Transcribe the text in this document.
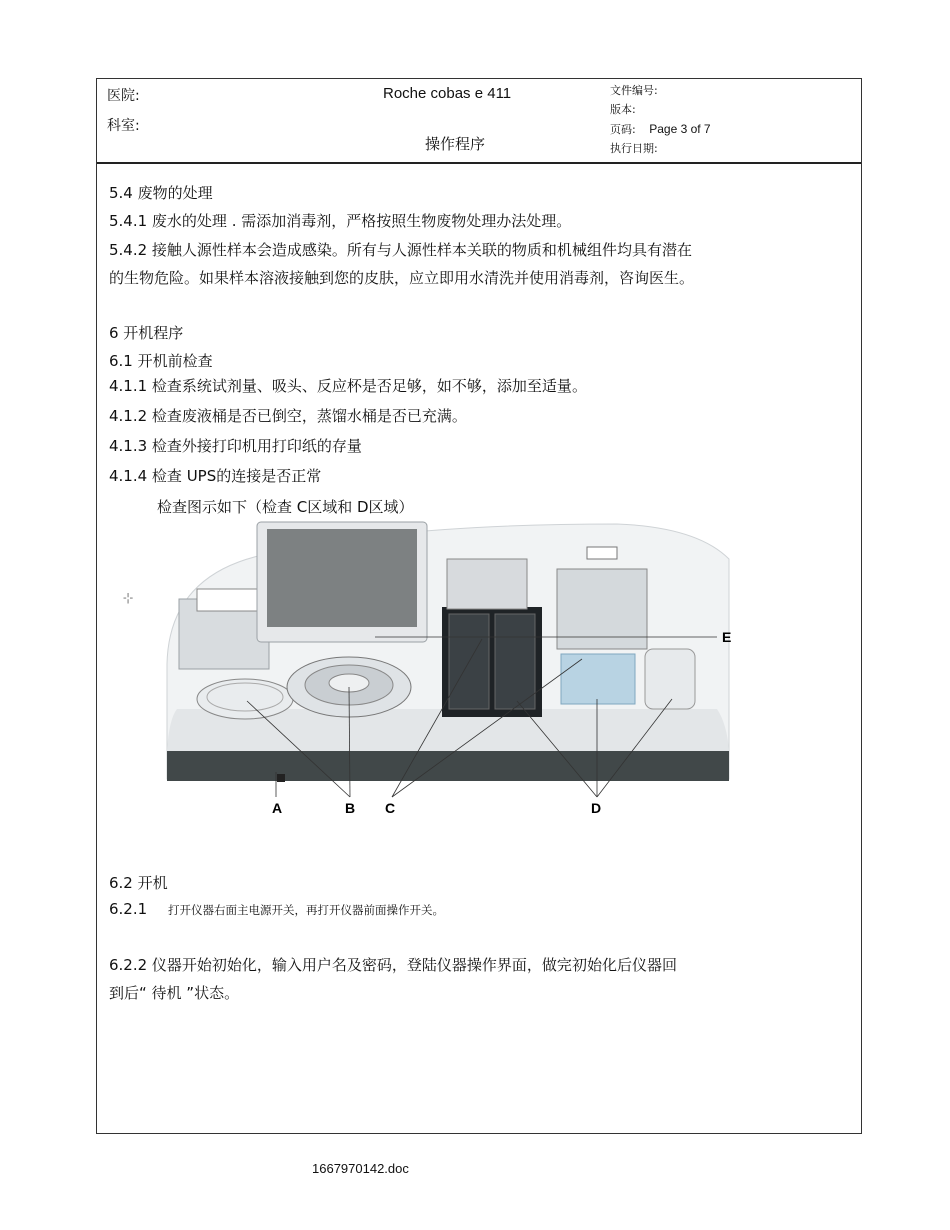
医院:
科室:
Roche cobas e 411
操作程序
文件编号:
版本:
页码: Page 3 of 7
执行日期:
5.4 废物的处理
5.4.1 废水的处理 . 需添加消毒剂，严格按照生物废物处理办法处理。
5.4.2 接触人源性样本会造成感染。所有与人源性样本关联的物质和机械组件均具有潜在
的生物危险。如果样本溶液接触到您的皮肤，应立即用水清洗并使用消毒剂，咨询医生。
6 开机程序
6.1 开机前检查
4.1.1 检查系统试剂量、吸头、反应杯是否足够，如不够，添加至适量。
4.1.2 检查废液桶是否已倒空，蒸馏水桶是否已充满。
4.1.3 检查外接打印机用打印纸的存量
4.1.4 检查 UPS的连接是否正常
检查图示如下（检查 C区域和 D区域）
-¦-
E
A	B C	D
6.2 开机
6.2.1 打开仪器右面主电源开关，再打开仪器前面操作开关。
6.2.2 仪器开始初始化，输入用户名及密码，登陆仪器操作界面，做完初始化后仪器回
到后“ 待机 ”状态。
1667970142.doc
